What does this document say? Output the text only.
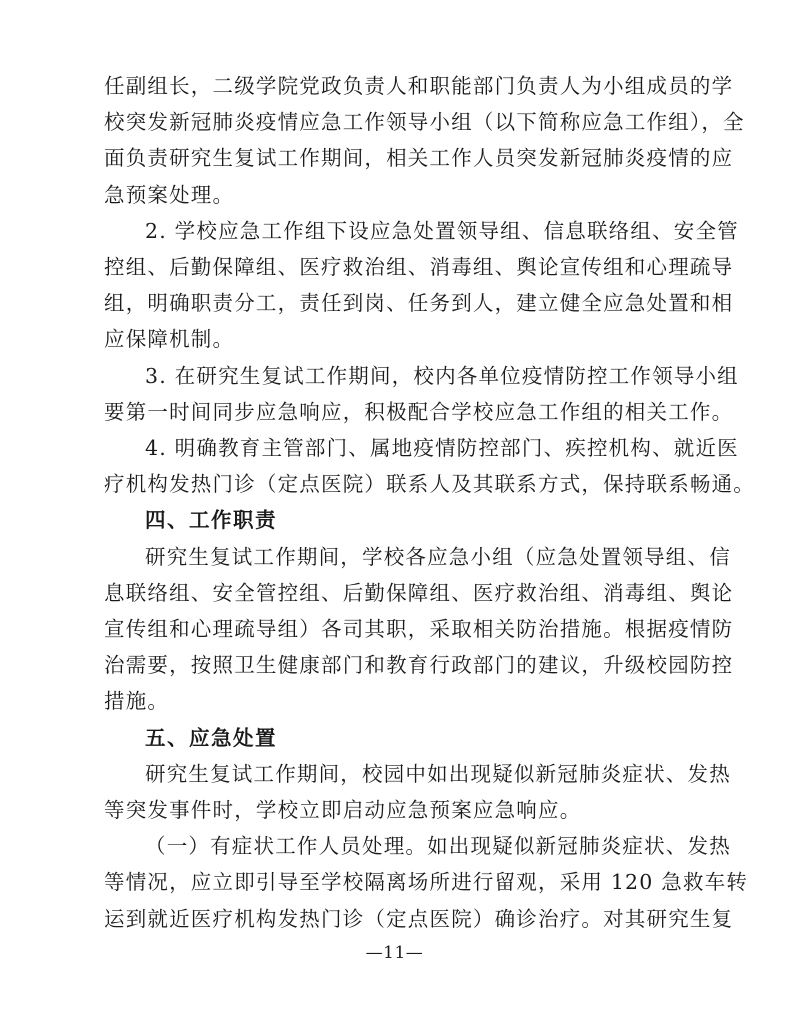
任副组长，二级学院党政负责人和职能部门负责人为小组成员的学
校突发新冠肺炎疫情应急工作领导小组（以下简称应急工作组），全
面负责研究生复试工作期间，相关工作人员突发新冠肺炎疫情的应
急预案处理。
2. 学校应急工作组下设应急处置领导组、信息联络组、安全管
控组、后勤保障组、医疗救治组、消毒组、舆论宣传组和心理疏导
组，明确职责分工，责任到岗、任务到人，建立健全应急处置和相
应保障机制。
3. 在研究生复试工作期间，校内各单位疫情防控工作领导小组
要第一时间同步应急响应，积极配合学校应急工作组的相关工作。
4. 明确教育主管部门、属地疫情防控部门、疾控机构、就近医
疗机构发热门诊（定点医院）联系人及其联系方式，保持联系畅通。
四、工作职责
研究生复试工作期间，学校各应急小组（应急处置领导组、信
息联络组、安全管控组、后勤保障组、医疗救治组、消毒组、舆论
宣传组和心理疏导组）各司其职，采取相关防治措施。根据疫情防
治需要，按照卫生健康部门和教育行政部门的建议，升级校园防控
措施。
五、应急处置
研究生复试工作期间，校园中如出现疑似新冠肺炎症状、发热
等突发事件时，学校立即启动应急预案应急响应。
（一）有症状工作人员处理。如出现疑似新冠肺炎症状、发热
等情况，应立即引导至学校隔离场所进行留观，采用 120 急救车转
运到就近医疗机构发热门诊（定点医院）确诊治疗。对其研究生复
—11—
